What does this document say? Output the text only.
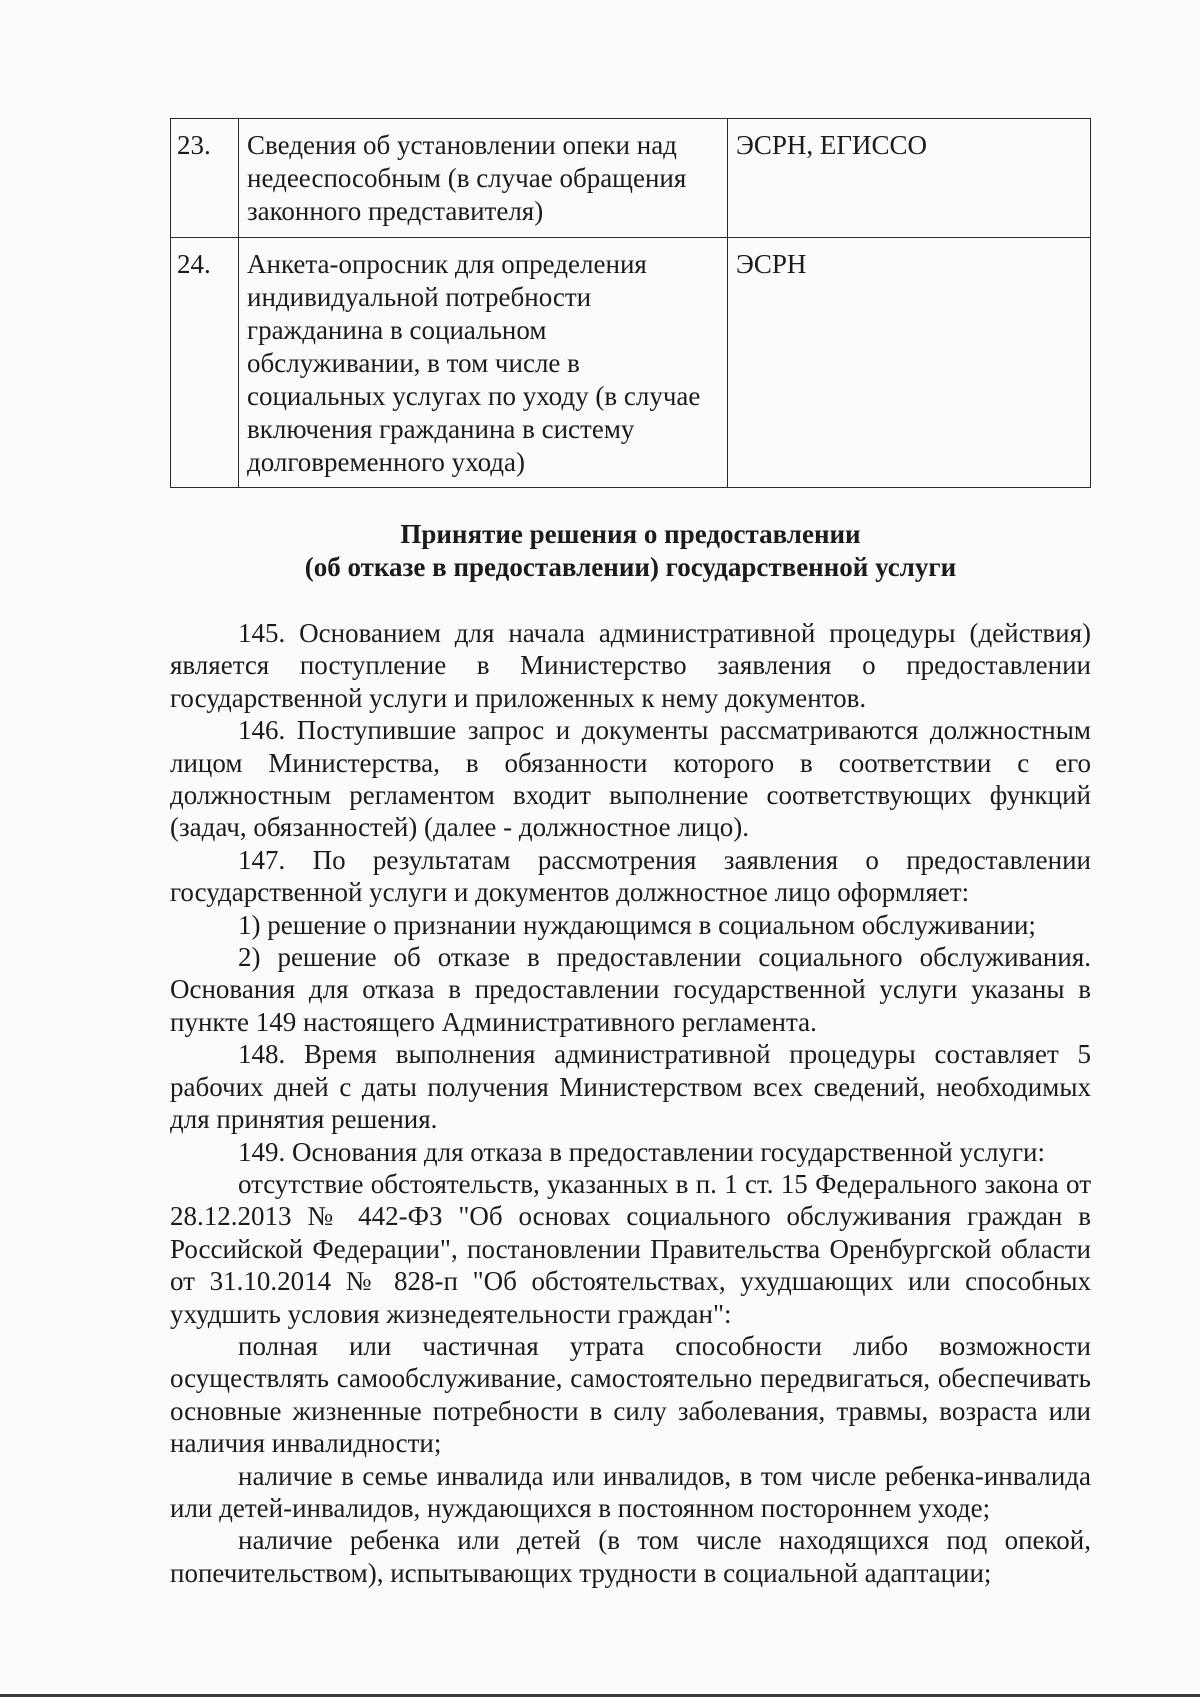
23.	Сведения об установлении опеки над недееспособным (в случае обращения законного представителя)	ЭСРН, ЕГИССО
24.	Анкета-опросник для определения индивидуальной потребности гражданина в социальном обслуживании, в том числе в социальных услугах по уходу (в случае включения гражданина в систему долговременного ухода)	ЭСРН
Принятие решения о предоставлении
(об отказе в предоставлении) государственной услуги

145. Основанием для начала административной процедуры (действия) является поступление в Министерство заявления о предоставлении государственной услуги и приложенных к нему документов.

146. Поступившие запрос и документы рассматриваются должностным лицом Министерства, в обязанности которого в соответствии с его должностным регламентом входит выполнение соответствующих функций (задач, обязанностей) (далее - должностное лицо).

147. По результатам рассмотрения заявления о предоставлении государственной услуги и документов должностное лицо оформляет:

1) решение о признании нуждающимся в социальном обслуживании;

2) решение об отказе в предоставлении социального обслуживания. Основания для отказа в предоставлении государственной услуги указаны в пункте 149 настоящего Административного регламента.

148. Время выполнения административной процедуры составляет 5 рабочих дней с даты получения Министерством всех сведений, необходимых для принятия решения.

149. Основания для отказа в предоставлении государственной услуги:

отсутствие обстоятельств, указанных в п. 1 ст. 15 Федерального закона от 28.12.2013 № 442-ФЗ "Об основах социального обслуживания граждан в Российской Федерации", постановлении Правительства Оренбургской области от 31.10.2014 № 828-п "Об обстоятельствах, ухудшающих или способных ухудшить условия жизнедеятельности граждан":

полная или частичная утрата способности либо возможности осуществлять самообслуживание, самостоятельно передвигаться, обеспечивать основные жизненные потребности в силу заболевания, травмы, возраста или наличия инвалидности;

наличие в семье инвалида или инвалидов, в том числе ребенка-инвалида или детей-инвалидов, нуждающихся в постоянном постороннем уходе;

наличие ребенка или детей (в том числе находящихся под опекой, попечительством), испытывающих трудности в социальной адаптации;
